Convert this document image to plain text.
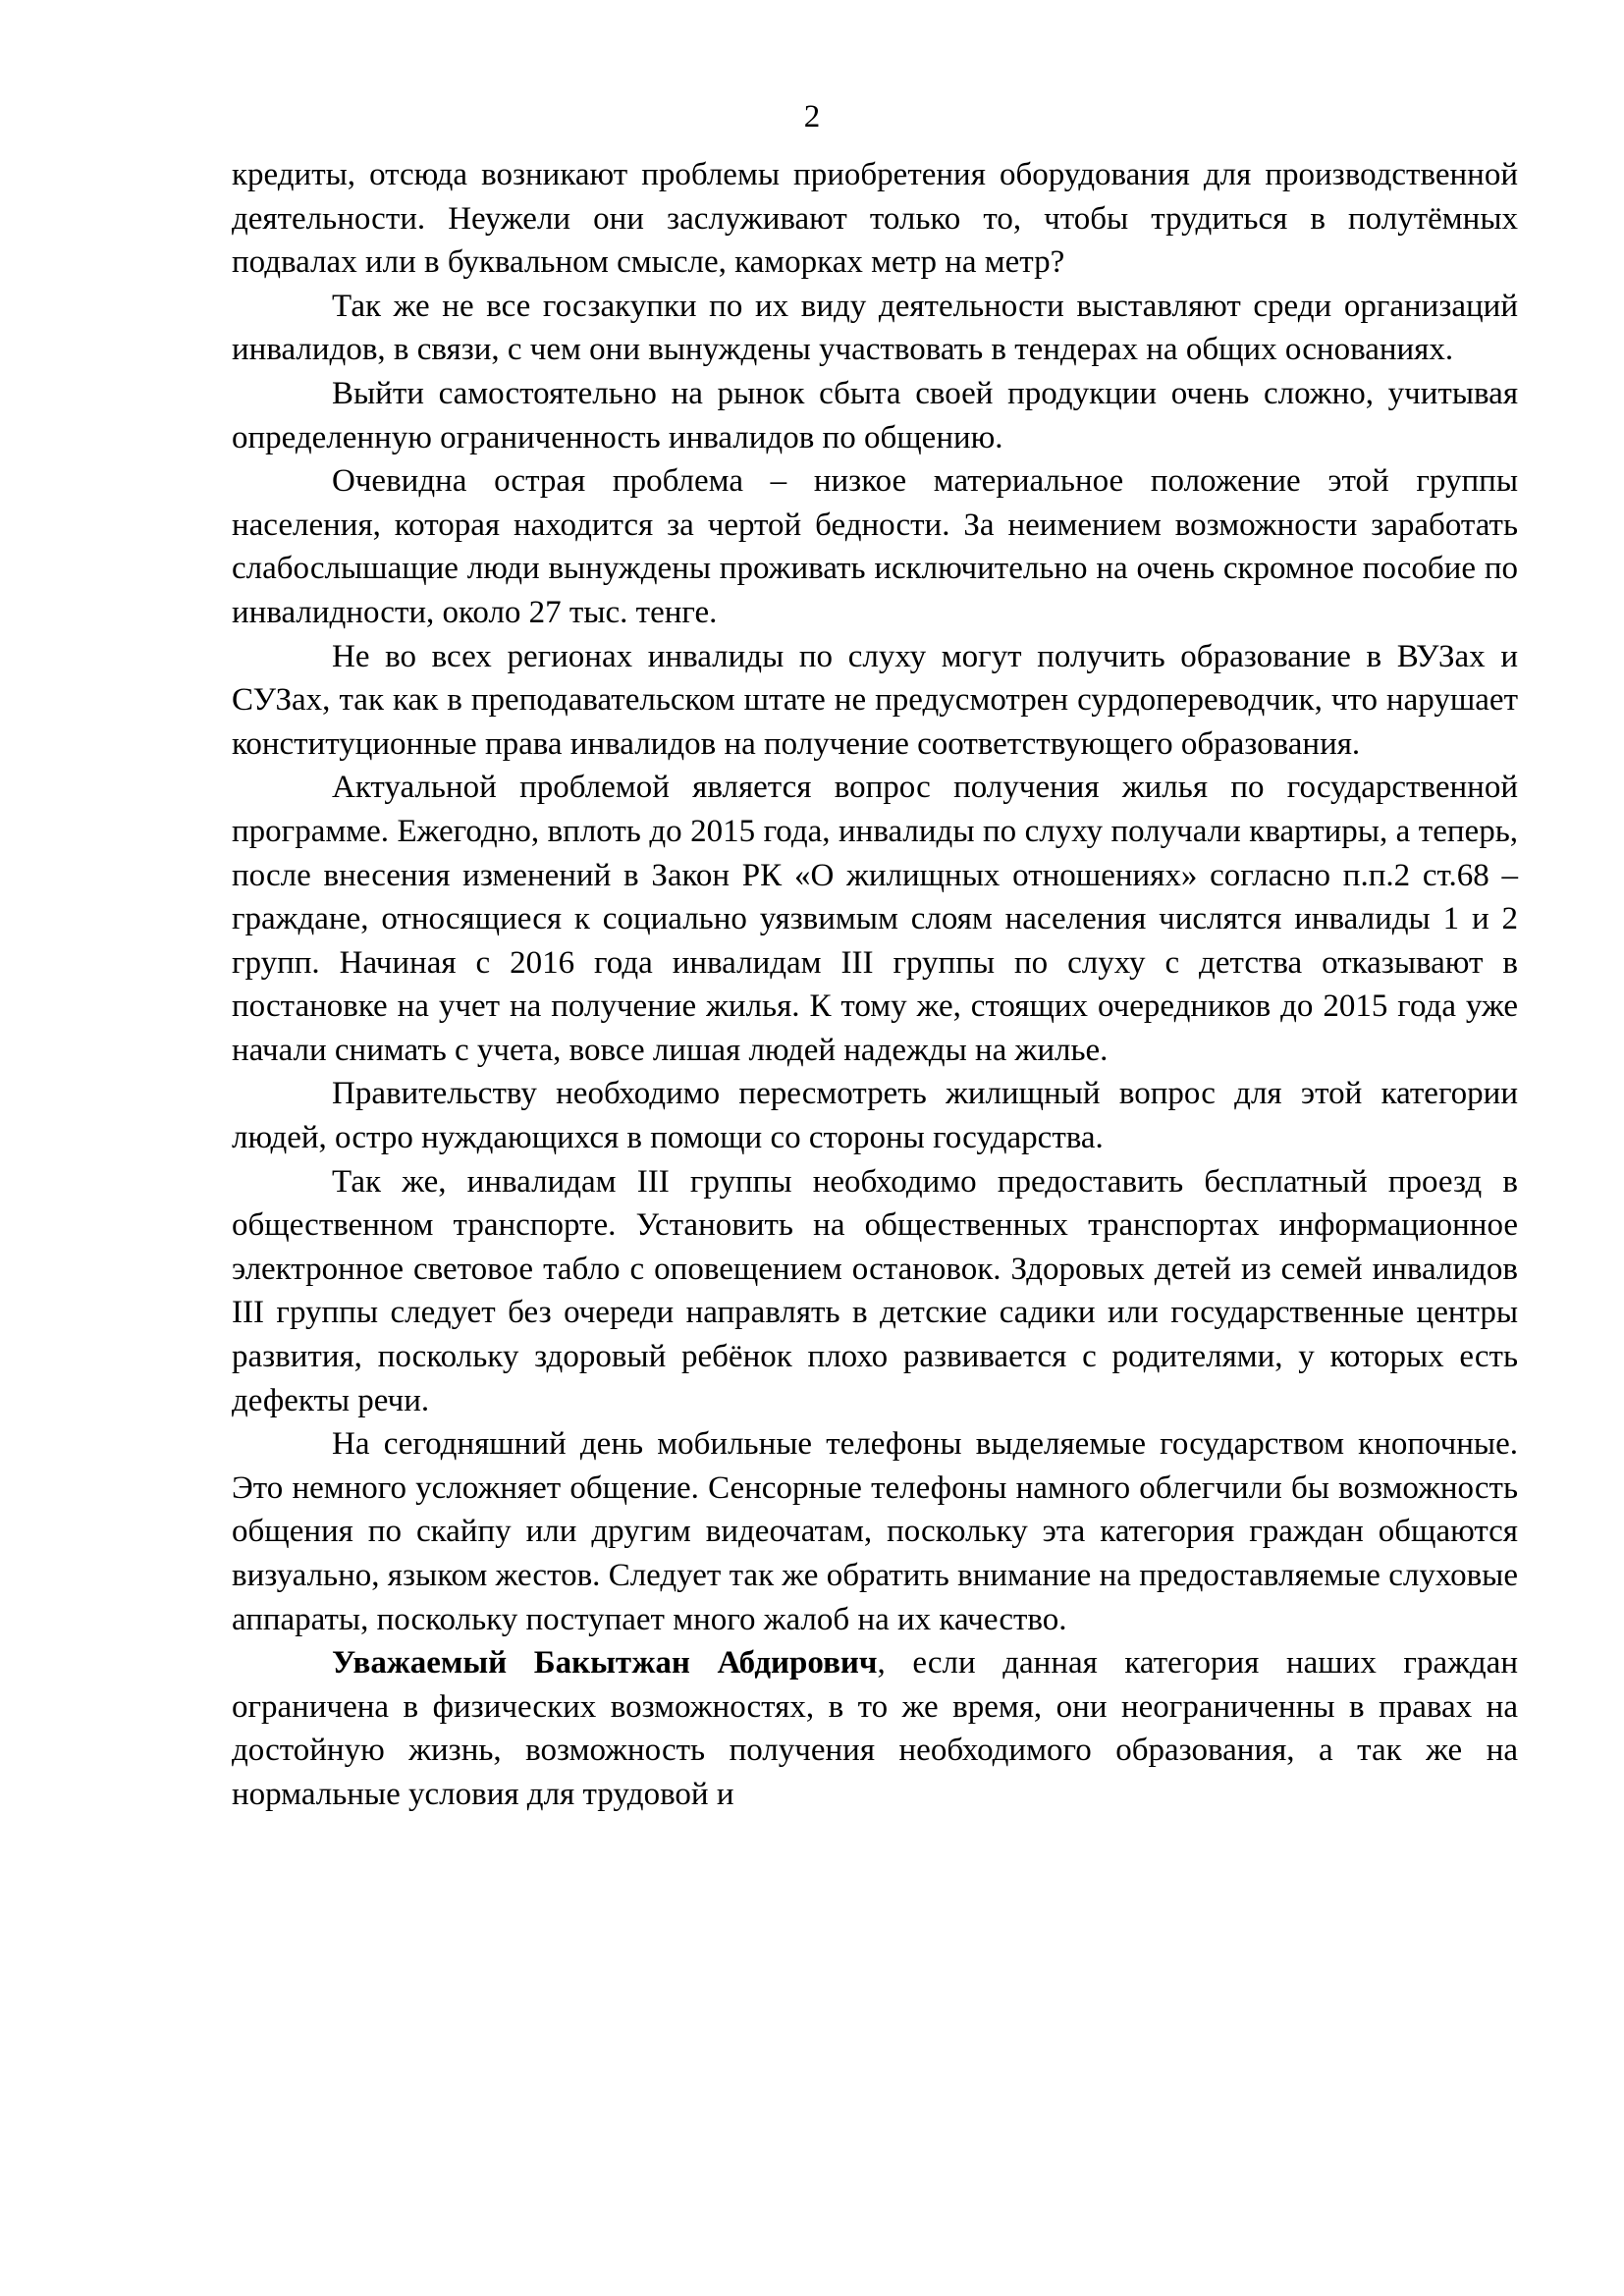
2

кредиты, отсюда возникают проблемы приобретения оборудования для производственной деятельности. Неужели они заслуживают только то, чтобы трудиться в полутёмных подвалах или в буквальном смысле, каморках метр на метр?

Так же не все госзакупки по их виду деятельности выставляют среди организаций инвалидов, в связи, с чем они вынуждены участвовать в тендерах на общих основаниях.

Выйти самостоятельно на рынок сбыта своей продукции очень сложно, учитывая определенную ограниченность инвалидов по общению.

Очевидна острая проблема – низкое материальное положение этой группы населения, которая находится за чертой бедности. За неимением возможности заработать слабослышащие люди вынуждены проживать исключительно на очень скромное пособие по инвалидности, около 27 тыс. тенге.

Не во всех регионах инвалиды по слуху могут получить образование в ВУЗах и СУЗах, так как в преподавательском штате не предусмотрен сурдопереводчик, что нарушает конституционные права инвалидов на получение соответствующего образования.

Актуальной проблемой является вопрос получения жилья по государственной программе. Ежегодно, вплоть до 2015 года, инвалиды по слуху получали квартиры, а теперь, после внесения изменений в Закон РК «О жилищных отношениях» согласно п.п.2 ст.68 – граждане, относящиеся к социально уязвимым слоям населения числятся инвалиды 1 и 2 групп. Начиная с 2016 года инвалидам III группы по слуху с детства отказывают в постановке на учет на получение жилья. К тому же, стоящих очередников до 2015 года уже начали снимать с учета, вовсе лишая людей надежды на жилье.

Правительству необходимо пересмотреть жилищный вопрос для этой категории людей, остро нуждающихся в помощи со стороны государства.

Так же, инвалидам III группы необходимо предоставить бесплатный проезд в общественном транспорте. Установить на общественных транспортах информационное электронное световое табло с оповещением остановок. Здоровых детей из семей инвалидов III группы следует без очереди направлять в детские садики или государственные центры развития, поскольку здоровый ребёнок плохо развивается с родителями, у которых есть дефекты речи.

На сегодняшний день мобильные телефоны выделяемые государством кнопочные. Это немного усложняет общение. Сенсорные телефоны намного облегчили бы возможность общения по скайпу или другим видеочатам, поскольку эта категория граждан общаются визуально, языком жестов. Следует так же обратить внимание на предоставляемые слуховые аппараты, поскольку поступает много жалоб на их качество.

Уважаемый Бакытжан Абдирович, если данная категория наших граждан ограничена в физических возможностях, в то же время, они неограниченны в правах на достойную жизнь, возможность получения необходимого образования, а так же на нормальные условия для трудовой и
